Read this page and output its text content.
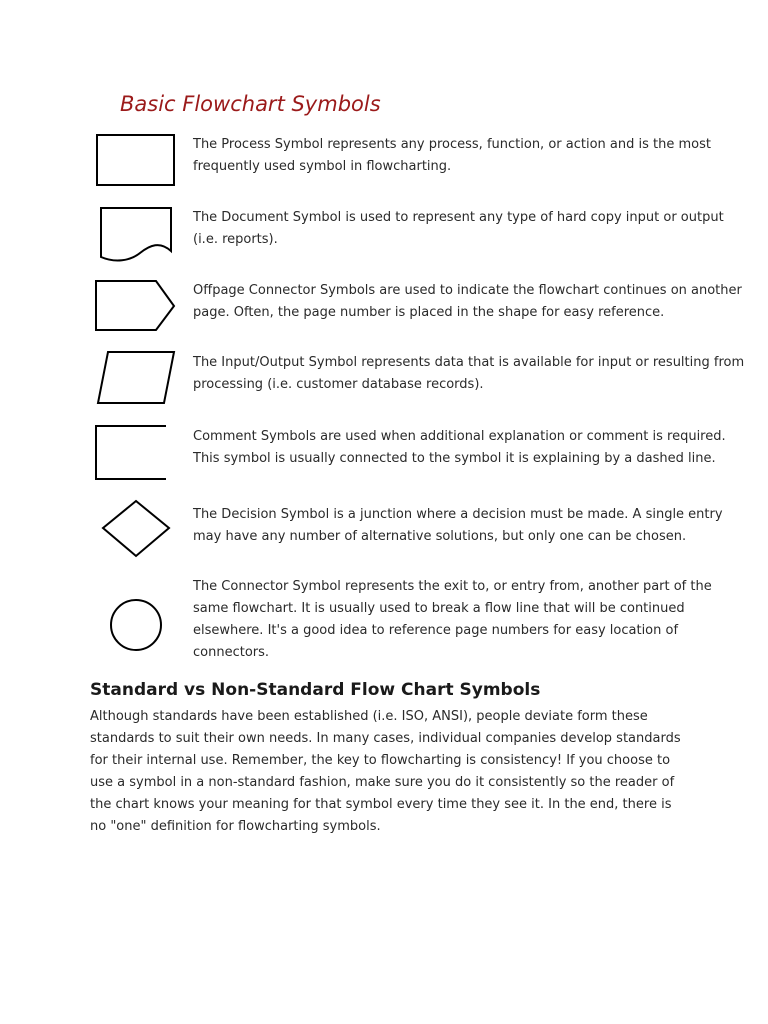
Basic Flowchart Symbols

The Process Symbol represents any process, function, or action and is the most frequently used symbol in flowcharting.

The Document Symbol is used to represent any type of hard copy input or output (i.e. reports).

Offpage Connector Symbols are used to indicate the flowchart continues on another page. Often, the page number is placed in the shape for easy reference.

The Input/Output Symbol represents data that is available for input or resulting from processing (i.e. customer database records).

Comment Symbols are used when additional explanation or comment is required. This symbol is usually connected to the symbol it is explaining by a dashed line.

The Decision Symbol is a junction where a decision must be made. A single entry may have any number of alternative solutions, but only one can be chosen.

The Connector Symbol represents the exit to, or entry from, another part of the same flowchart. It is usually used to break a flow line that will be continued elsewhere. It's a good idea to reference page numbers for easy location of connectors.

Standard vs Non-Standard Flow Chart Symbols

Although standards have been established (i.e. ISO, ANSI), people deviate form these standards to suit their own needs. In many cases, individual companies develop standards for their internal use. Remember, the key to flowcharting is consistency! If you choose to use a symbol in a non-standard fashion, make sure you do it consistently so the reader of the chart knows your meaning for that symbol every time they see it. In the end, there is no "one" definition for flowcharting symbols.
